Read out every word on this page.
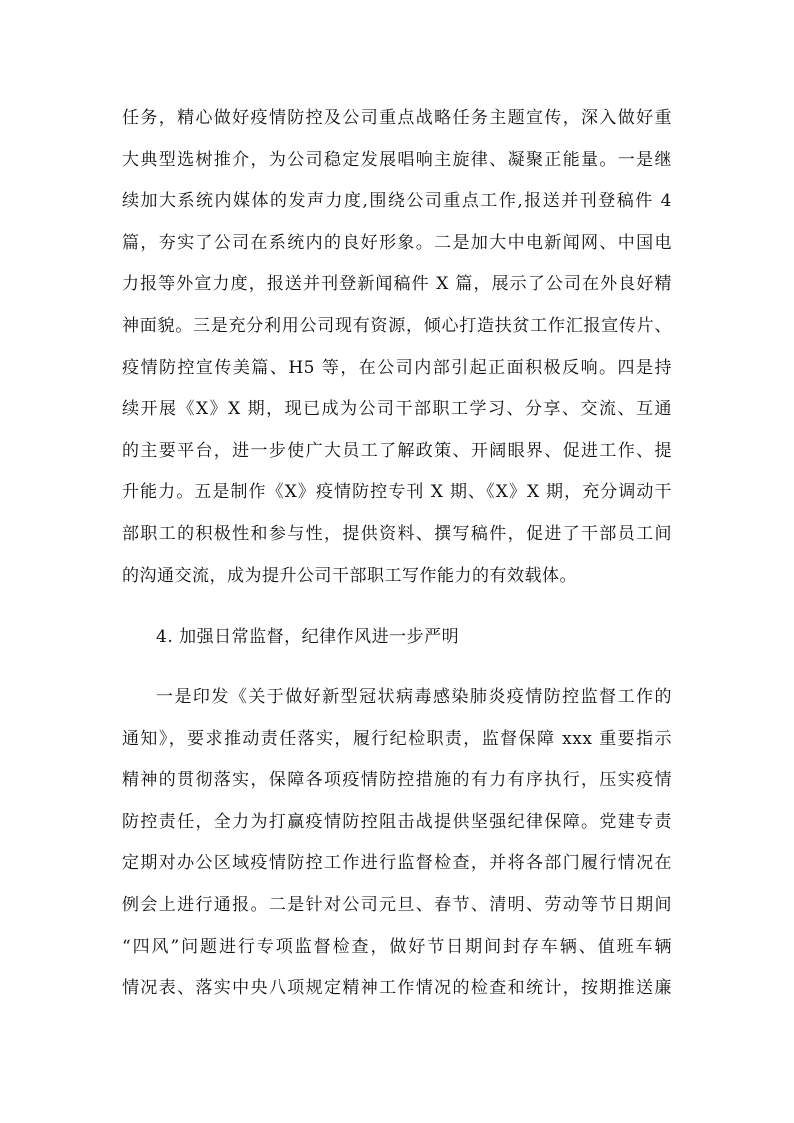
任务，精心做好疫情防控及公司重点战略任务主题宣传，深入做好重
大典型选树推介，为公司稳定发展唱响主旋律、凝聚正能量。一是继
续加大系统内媒体的发声力度,围绕公司重点工作,报送并刊登稿件 4
篇，夯实了公司在系统内的良好形象。二是加大中电新闻网、中国电
力报等外宣力度，报送并刊登新闻稿件 X 篇，展示了公司在外良好精
神面貌。三是充分利用公司现有资源，倾心打造扶贫工作汇报宣传片、
疫情防控宣传美篇、H5 等，在公司内部引起正面积极反响。四是持
续开展《X》X 期，现已成为公司干部职工学习、分享、交流、互通
的主要平台，进一步使广大员工了解政策、开阔眼界、促进工作、提
升能力。五是制作《X》疫情防控专刊 X 期、《X》X 期，充分调动干
部职工的积极性和参与性，提供资料、撰写稿件，促进了干部员工间
的沟通交流，成为提升公司干部职工写作能力的有效载体。
4. 加强日常监督，纪律作风进一步严明
一是印发《关于做好新型冠状病毒感染肺炎疫情防控监督工作的
通知》，要求推动责任落实，履行纪检职责，监督保障 xxx 重要指示
精神的贯彻落实，保障各项疫情防控措施的有力有序执行，压实疫情
防控责任，全力为打赢疫情防控阻击战提供坚强纪律保障。党建专责
定期对办公区域疫情防控工作进行监督检查，并将各部门履行情况在
例会上进行通报。二是针对公司元旦、春节、清明、劳动等节日期间
“四风”问题进行专项监督检查，做好节日期间封存车辆、值班车辆
情况表、落实中央八项规定精神工作情况的检查和统计，按期推送廉
